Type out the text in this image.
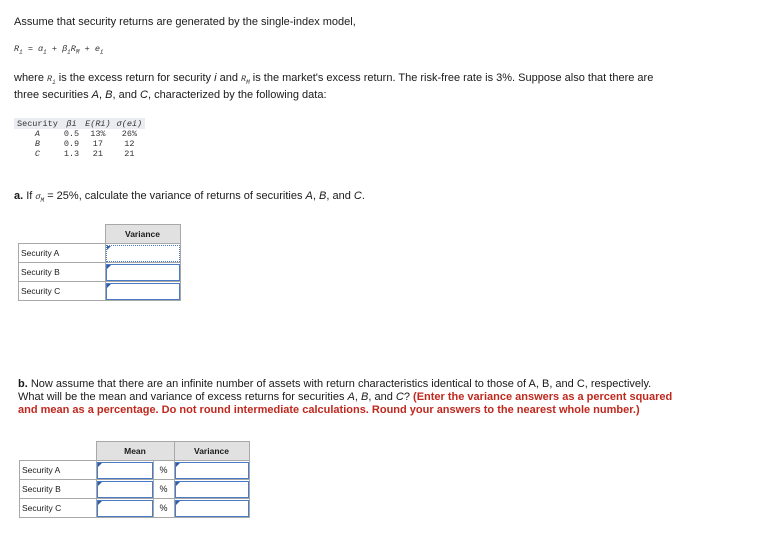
Assume that security returns are generated by the single-index model,
$R_i = \alpha_i + \beta_iR_M + e_i$
where $R_i$ is the excess return for security i and $R_M$ is the market's excess return. The risk-free rate is 3%. Suppose also that there are
three securities A, B, and C, characterized by the following data:
Security	βi	E(Ri)	σ(ei)
A	0.5	13%	26%
B	0.9	17	12
C	1.3	21	21
a. If $\sigma_M = 25\%$, calculate the variance of returns of securities A, B, and C.
	Variance
Security A	

Security B	

Security C	
b. Now assume that there are an infinite number of assets with return characteristics identical to those of A, B, and C, respectively.
What will be the mean and variance of excess returns for securities A, B, and C? (Enter the variance answers as a percent squared
and mean as a percentage. Do not round intermediate calculations. Round your answers to the nearest whole number.)
	Mean		Variance
Security A		%	

Security B		%	

Security C		%	
